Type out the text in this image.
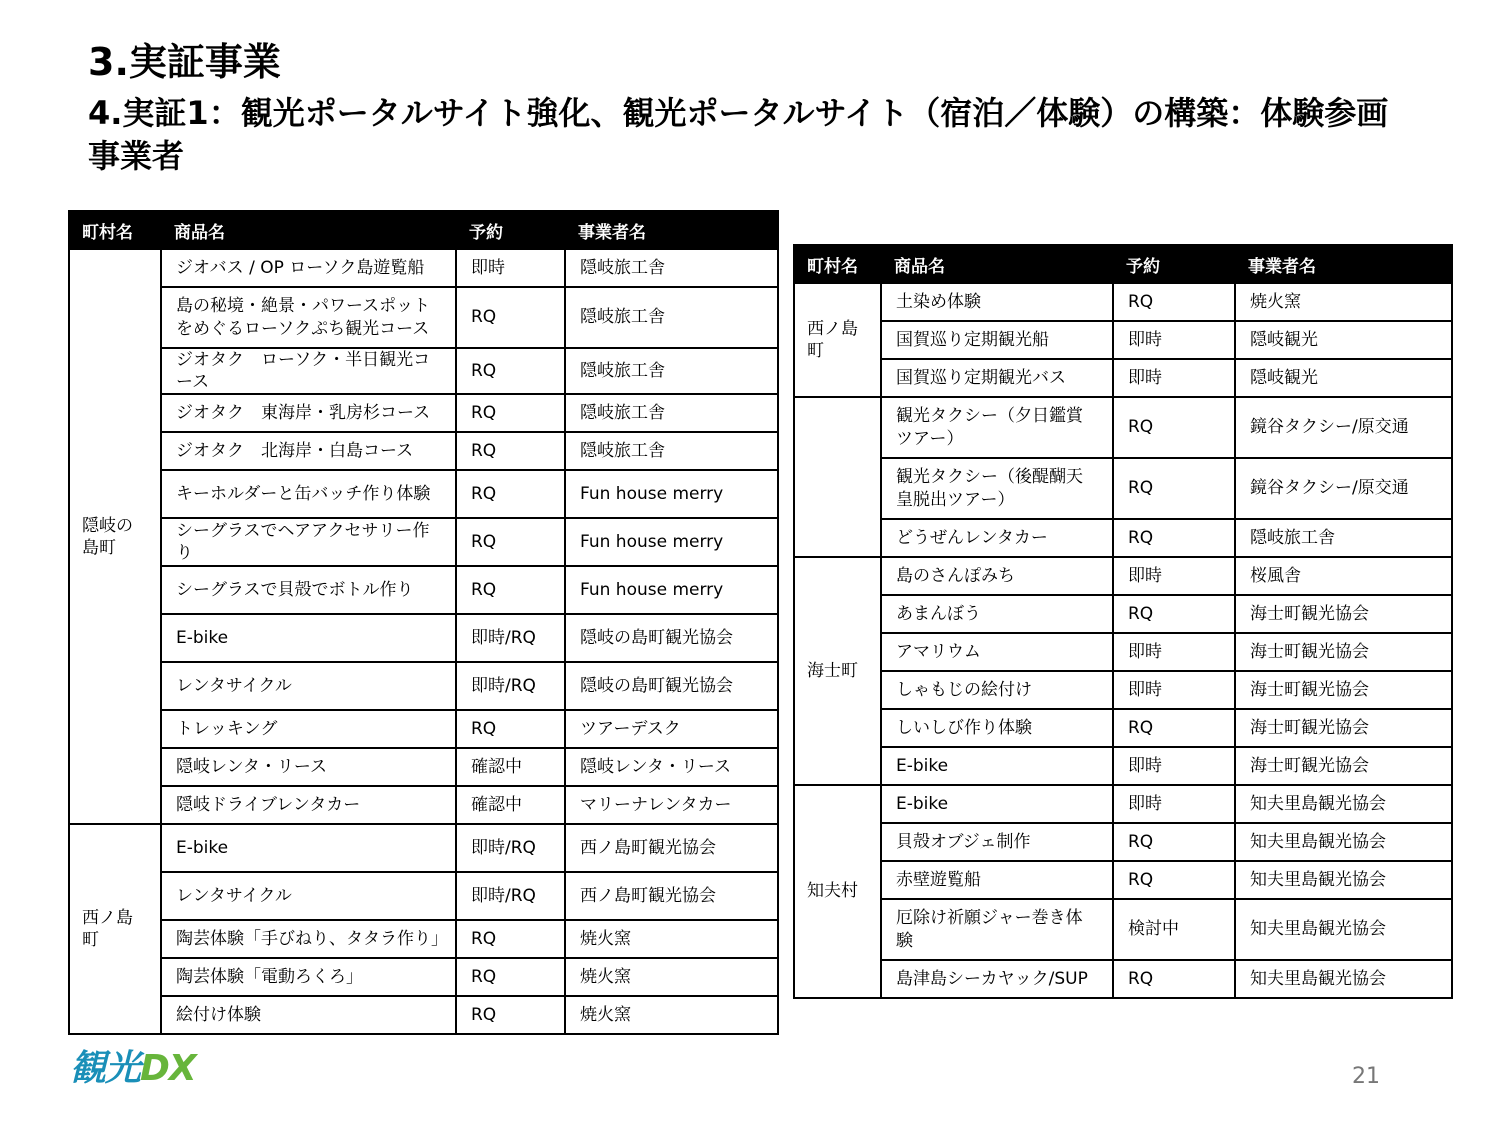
3.実証事業
4.実証1：観光ポータルサイト強化、観光ポータルサイト（宿泊／体験）の構築：体験参画事業者
町村名	商品名	予約	事業者名
隠岐の
島町	ジオバス / OP ローソク島遊覧船	即時	隠岐旅工舎
	島の秘境・絶景・パワースポットをめぐるローソクぷち観光コース	RQ	隠岐旅工舎
	ジオタク　ローソク・半日観光コース	RQ	隠岐旅工舎
	ジオタク　東海岸・乳房杉コース	RQ	隠岐旅工舎
	ジオタク　北海岸・白島コース	RQ	隠岐旅工舎
	キーホルダーと缶バッチ作り体験	RQ	Fun house merry
	シーグラスでヘアアクセサリー作り	RQ	Fun house merry
	シーグラスで貝殻でボトル作り	RQ	Fun house merry
	E-bike	即時/RQ	隠岐の島町観光協会
	レンタサイクル	即時/RQ	隠岐の島町観光協会
	トレッキング	RQ	ツアーデスク
	隠岐レンタ・リース	確認中	隠岐レンタ・リース
	隠岐ドライブレンタカー	確認中	マリーナレンタカー
西ノ島
町	E-bike	即時/RQ	西ノ島町観光協会
	レンタサイクル	即時/RQ	西ノ島町観光協会
	陶芸体験「手びねり、タタラ作り」	RQ	焼火窯
	陶芸体験「電動ろくろ」	RQ	焼火窯
	絵付け体験	RQ	焼火窯
町村名	商品名	予約	事業者名
西ノ島
町	土染め体験	RQ	焼火窯
	国賀巡り定期観光船	即時	隠岐観光
	国賀巡り定期観光バス	即時	隠岐観光
	観光タクシー（夕日鑑賞ツアー）	RQ	鏡谷タクシー/原交通
	観光タクシー（後醍醐天皇脱出ツアー）	RQ	鏡谷タクシー/原交通
	どうぜんレンタカー	RQ	隠岐旅工舎
海士町	島のさんぽみち	即時	桜風舎
	あまんぼう	RQ	海士町観光協会
	アマリウム	即時	海士町観光協会
	しゃもじの絵付け	即時	海士町観光協会
	しいしび作り体験	RQ	海士町観光協会
	E-bike	即時	海士町観光協会
知夫村	E-bike	即時	知夫里島観光協会
	貝殻オブジェ制作	RQ	知夫里島観光協会
	赤壁遊覧船	RQ	知夫里島観光協会
	厄除け祈願ジャー巻き体験	検討中	知夫里島観光協会
	島津島シーカヤック/SUP	RQ	知夫里島観光協会
観光DX	21
